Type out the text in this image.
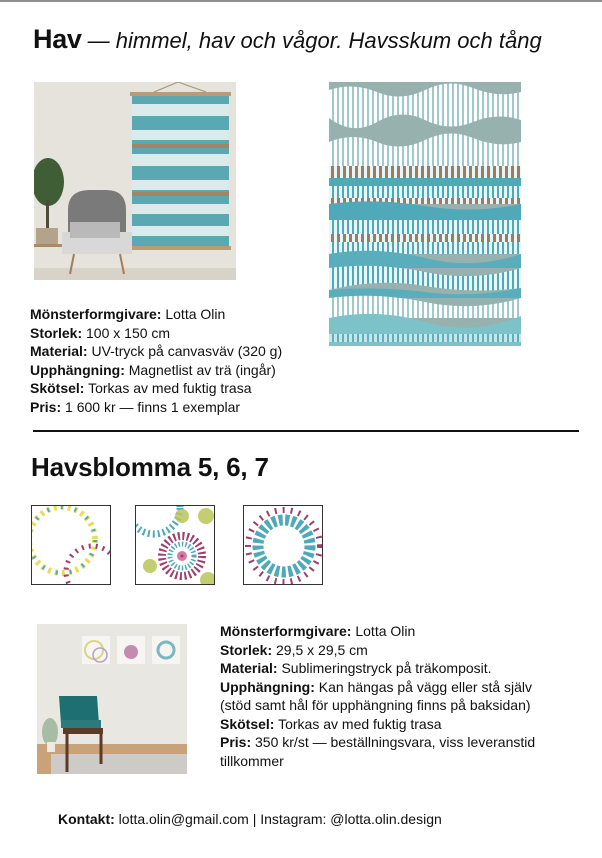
Hav — himmel, hav och vågor. Havsskum och tång
Mönsterformgivare: Lotta Olin
Storlek: 100 x 150 cm
Material: UV-tryck på canvasväv (320 g)
Upphängning: Magnetlist av trä (ingår)
Skötsel: Torkas av med fuktig trasa
Pris: 1 600 kr — finns 1 exemplar
Havsblomma 5, 6, 7
Mönsterformgivare: Lotta Olin
Storlek: 29,5 x 29,5 cm
Material: Sublimeringstryck på träkomposit.
Upphängning: Kan hängas på vägg eller stå själv (stöd samt hål för upphängning finns på baksidan)
Skötsel: Torkas av med fuktig trasa
Pris: 350 kr/st — beställningsvara, viss leveranstid tillkommer
Kontakt: lotta.olin@gmail.com | Instagram: @lotta.olin.design
